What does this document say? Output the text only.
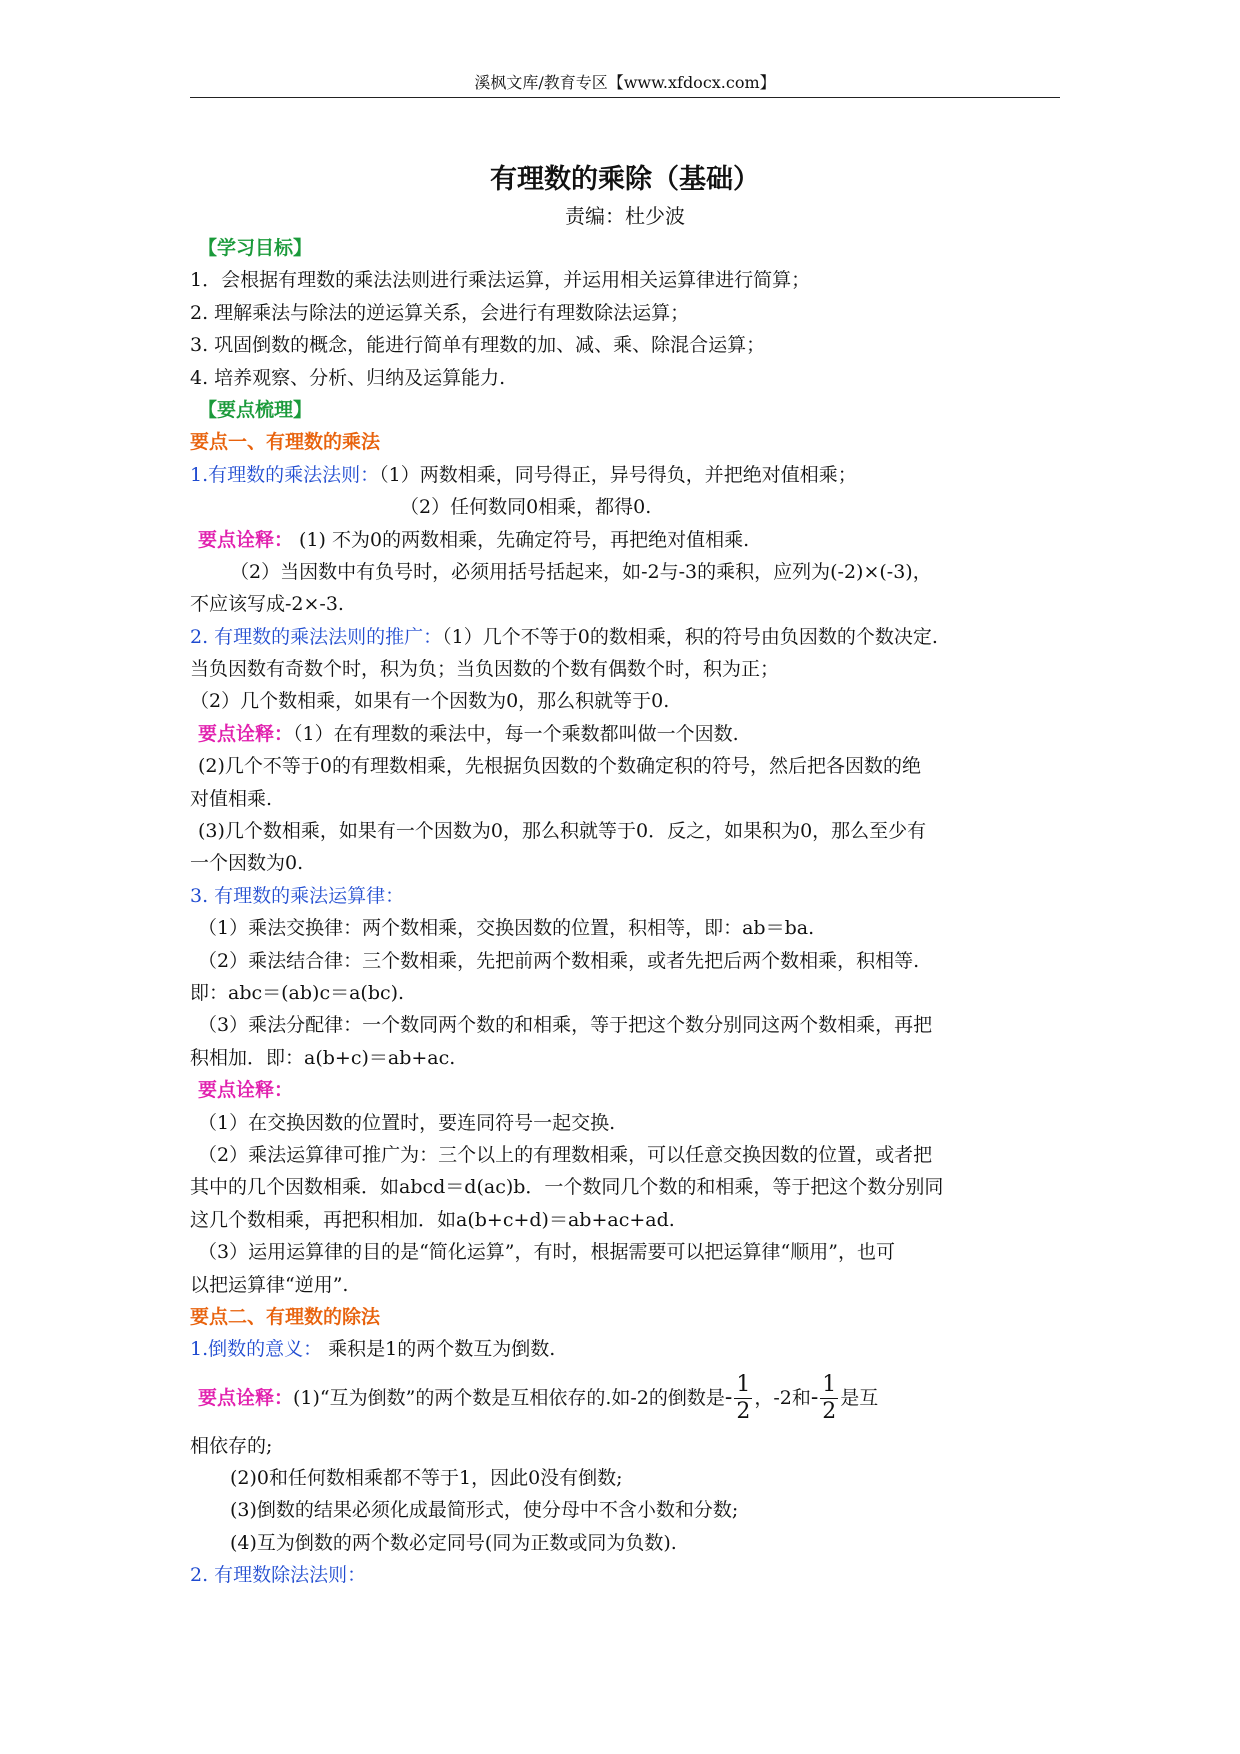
溪枫文库/教育专区【www.xfdocx.com】
有理数的乘除（基础）
责编：杜少波
【学习目标】
1．会根据有理数的乘法法则进行乘法运算，并运用相关运算律进行简算；
2. 理解乘法与除法的逆运算关系，会进行有理数除法运算；
3. 巩固倒数的概念，能进行简单有理数的加、减、乘、除混合运算；
4. 培养观察、分析、归纳及运算能力.
【要点梳理】
要点一、有理数的乘法
1.有理数的乘法法则：（1）两数相乘，同号得正，异号得负，并把绝对值相乘；
（2）任何数同0相乘，都得0.
要点诠释： (1) 不为0的两数相乘，先确定符号，再把绝对值相乘.
（2）当因数中有负号时，必须用括号括起来，如-2与-3的乘积，应列为(-2)×(-3)，
不应该写成-2×-3.
2. 有理数的乘法法则的推广：（1）几个不等于0的数相乘，积的符号由负因数的个数决定.
当负因数有奇数个时，积为负；当负因数的个数有偶数个时，积为正；
（2）几个数相乘，如果有一个因数为0，那么积就等于0.
要点诠释：（1）在有理数的乘法中，每一个乘数都叫做一个因数.
(2)几个不等于0的有理数相乘，先根据负因数的个数确定积的符号，然后把各因数的绝
对值相乘.
(3)几个数相乘，如果有一个因数为0，那么积就等于0．反之，如果积为0，那么至少有
一个因数为0.
3. 有理数的乘法运算律：
（1）乘法交换律：两个数相乘，交换因数的位置，积相等，即：ab＝ba.
（2）乘法结合律：三个数相乘，先把前两个数相乘，或者先把后两个数相乘，积相等.
即：abc＝(ab)c＝a(bc).
（3）乘法分配律：一个数同两个数的和相乘，等于把这个数分别同这两个数相乘，再把
积相加．即：a(b+c)＝ab+ac.
要点诠释：
（1）在交换因数的位置时，要连同符号一起交换.
（2）乘法运算律可推广为：三个以上的有理数相乘，可以任意交换因数的位置，或者把
其中的几个因数相乘．如abcd＝d(ac)b．一个数同几个数的和相乘，等于把这个数分别同
这几个数相乘，再把积相加．如a(b+c+d)＝ab+ac+ad.
（3）运用运算律的目的是“简化运算”，有时，根据需要可以把运算律“顺用”，也可
以把运算律“逆用”.
要点二、有理数的除法
1.倒数的意义： 乘积是1的两个数互为倒数.
要点诠释：(1)“互为倒数”的两个数是互相依存的.如-2的倒数是- $\frac{1}{2}$ ，-2和- $\frac{1}{2}$ 是互
相依存的;
(2)0和任何数相乘都不等于1，因此0没有倒数;
(3)倒数的结果必须化成最简形式，使分母中不含小数和分数;
(4)互为倒数的两个数必定同号(同为正数或同为负数).
2. 有理数除法法则：
